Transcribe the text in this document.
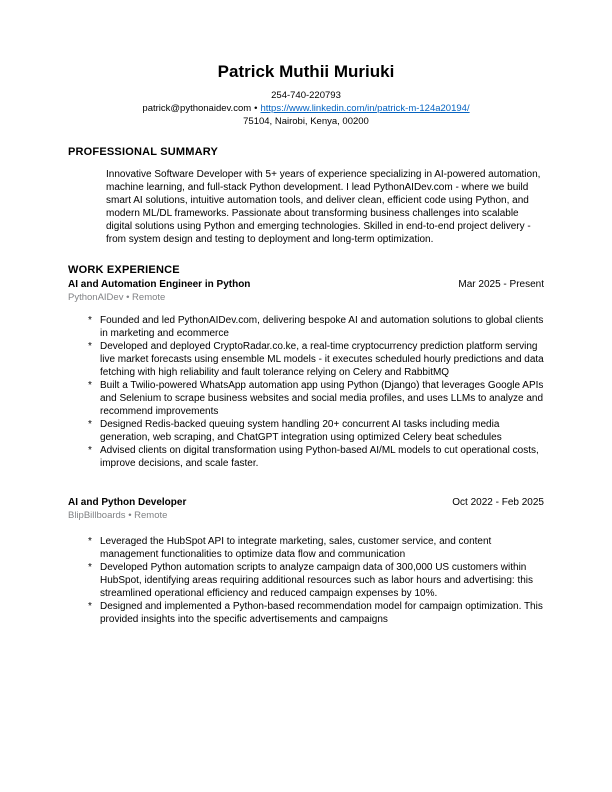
Patrick Muthii Muriuki
254-740-220793
patrick@pythonaidev.com • https://www.linkedin.com/in/patrick-m-124a20194/
75104, Nairobi, Kenya, 00200
PROFESSIONAL SUMMARY

Innovative Software Developer with 5+ years of experience specializing in AI-powered automation, machine learning, and full-stack Python development. I lead PythonAIDev.com - where we build smart AI solutions, intuitive automation tools, and deliver clean, efficient code using Python, and modern ML/DL frameworks. Passionate about transforming business challenges into scalable digital solutions using Python and emerging technologies. Skilled in end-to-end project delivery - from system design and testing to deployment and long-term optimization.

WORK EXPERIENCE
AI and Automation Engineer in Python	Mar 2025 - Present
PythonAIDev • Remote
* Founded and led PythonAIDev.com, delivering bespoke AI and automation solutions to global clients in marketing and ecommerce
* Developed and deployed CryptoRadar.co.ke, a real-time cryptocurrency prediction platform serving live market forecasts using ensemble ML models - it executes scheduled hourly predictions and data fetching with high reliability and fault tolerance relying on Celery and RabbitMQ
* Built a Twilio-powered WhatsApp automation app using Python (Django) that leverages Google APIs and Selenium to scrape business websites and social media profiles, and uses LLMs to analyze and recommend improvements
* Designed Redis-backed queuing system handling 20+ concurrent AI tasks including media generation, web scraping, and ChatGPT integration using optimized Celery beat schedules
* Advised clients on digital transformation using Python-based AI/ML models to cut operational costs, improve decisions, and scale faster.
AI and Python Developer	Oct 2022 - Feb 2025
BlipBillboards • Remote
* Leveraged the HubSpot API to integrate marketing, sales, customer service, and content management functionalities to optimize data flow and communication
* Developed Python automation scripts to analyze campaign data of 300,000 US customers within HubSpot, identifying areas requiring additional resources such as labor hours and advertising: this streamlined operational efficiency and reduced campaign expenses by 10%.
* Designed and implemented a Python-based recommendation model for campaign optimization. This provided insights into the specific advertisements and campaigns
